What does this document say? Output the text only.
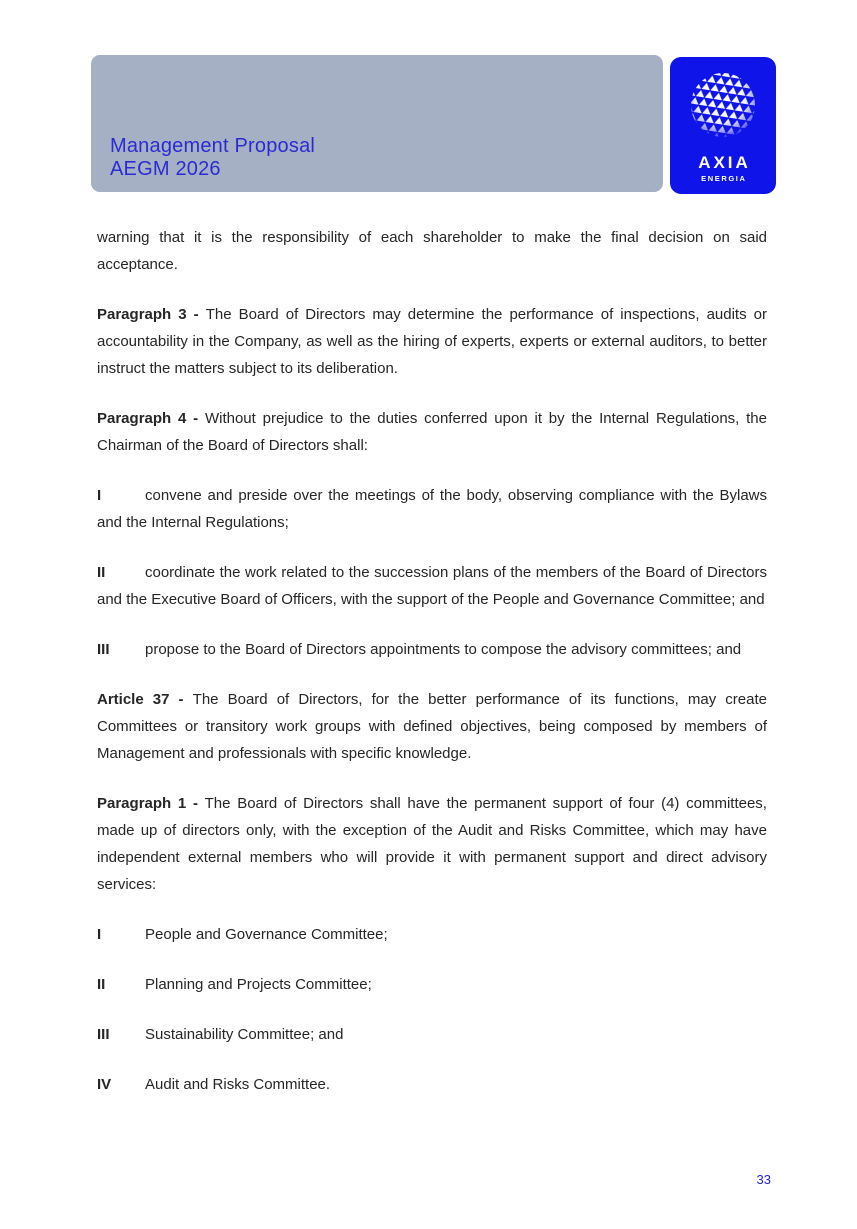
Management Proposal
AEGM 2026	AXIA
ENERGIA

warning that it is the responsibility of each shareholder to make the final decision on said acceptance.

Paragraph 3 - The Board of Directors may determine the performance of inspections, audits or accountability in the Company, as well as the hiring of experts, experts or external auditors, to better instruct the matters subject to its deliberation.

Paragraph 4 - Without prejudice to the duties conferred upon it by the Internal Regulations, the Chairman of the Board of Directors shall:

I	convene and preside over the meetings of the body, observing compliance with the Bylaws and the Internal Regulations;

II	coordinate the work related to the succession plans of the members of the Board of Directors and the Executive Board of Officers, with the support of the People and Governance Committee; and

III propose to the Board of Directors appointments to compose the advisory committees; and

Article 37 - The Board of Directors, for the better performance of its functions, may create Committees or transitory work groups with defined objectives, being composed by members of Management and professionals with specific knowledge.

Paragraph 1 - The Board of Directors shall have the permanent support of four (4) committees, made up of directors only, with the exception of the Audit and Risks Committee, which may have independent external members who will provide it with permanent support and direct advisory services:

I	People and Governance Committee;

II	Planning and Projects Committee;

III Sustainability Committee; and

IV Audit and Risks Committee.

33
